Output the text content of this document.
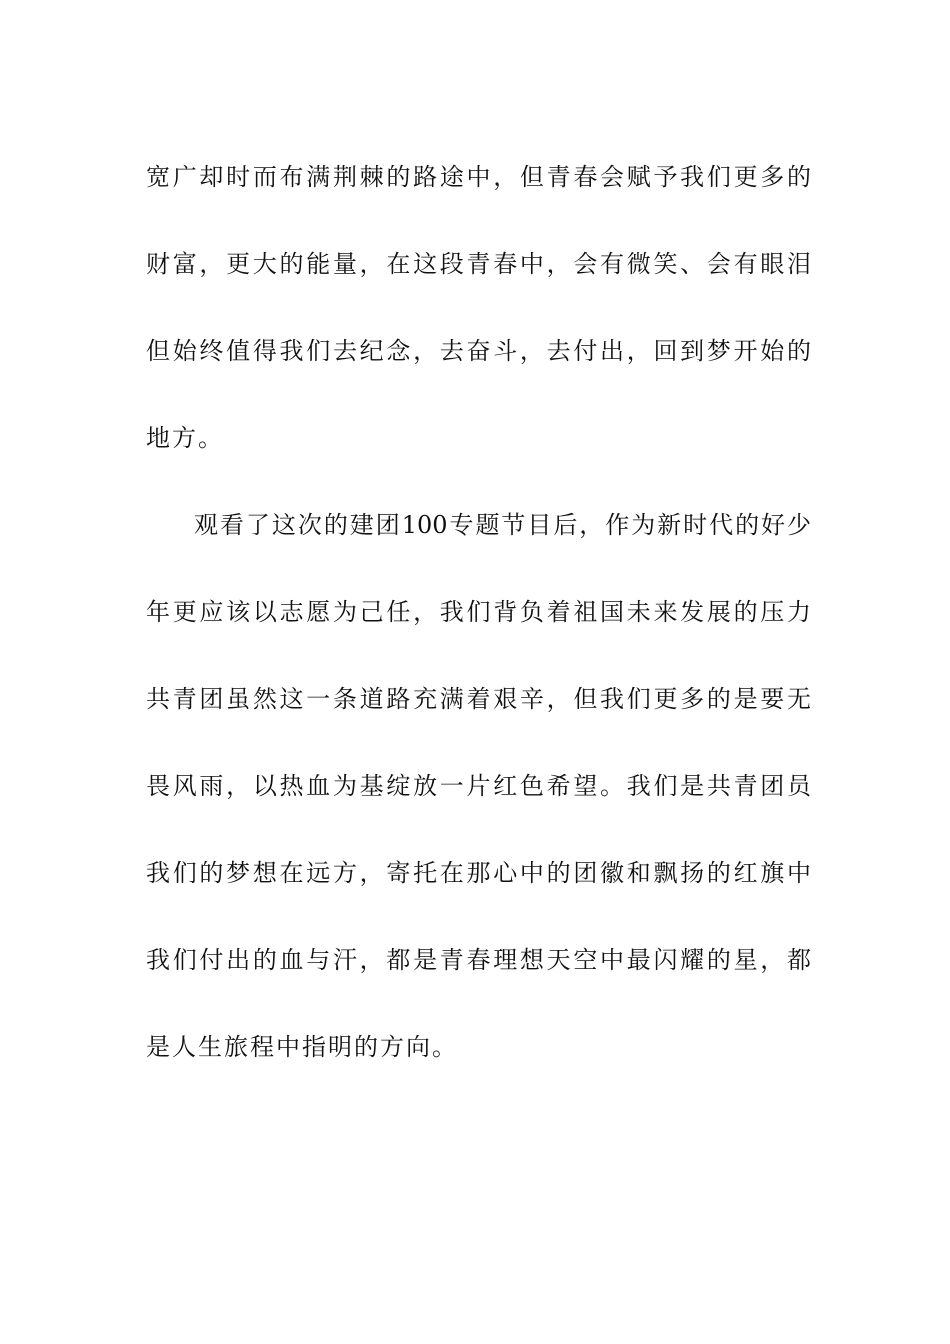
宽广却时而布满荆棘的路途中，但青春会赋予我们更多的
财富，更大的能量，在这段青春中，会有微笑、会有眼泪
但始终值得我们去纪念，去奋斗，去付出，回到梦开始的
地方。
观看了这次的建团100专题节目后，作为新时代的好少
年更应该以志愿为己任，我们背负着祖国未来发展的压力
共青团虽然这一条道路充满着艰辛，但我们更多的是要无
畏风雨，以热血为基绽放一片红色希望。我们是共青团员
我们的梦想在远方，寄托在那心中的团徽和飘扬的红旗中
我们付出的血与汗，都是青春理想天空中最闪耀的星，都
是人生旅程中指明的方向。
